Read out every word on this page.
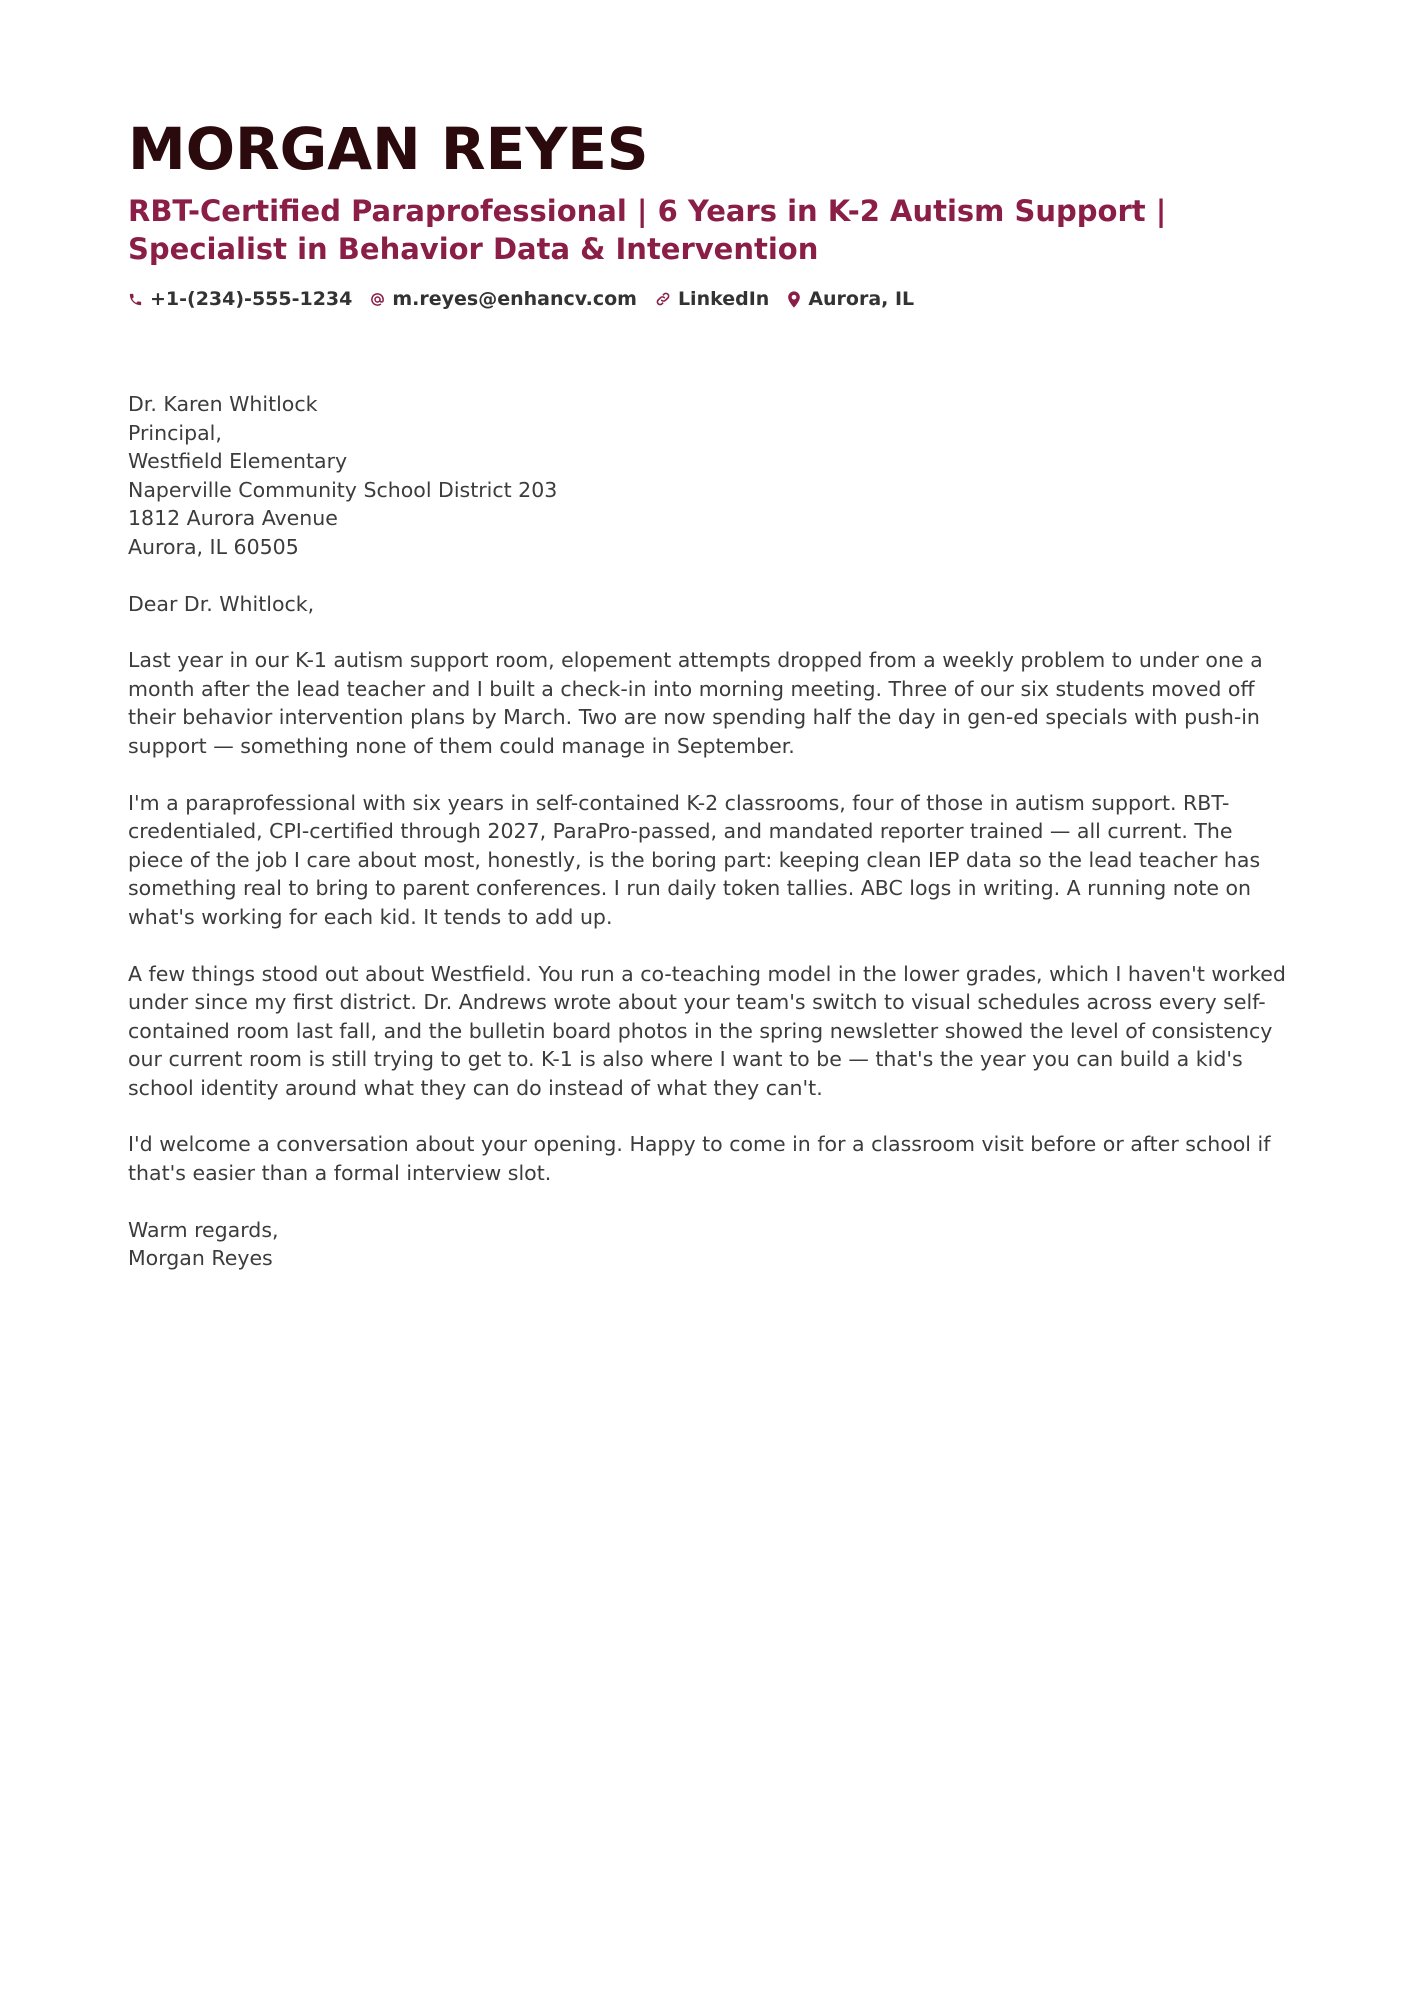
MORGAN REYES
RBT-Certified Paraprofessional | 6 Years in K-2 Autism Support | Specialist in Behavior Data & Intervention
+1-(234)-555-1234 m.reyes@enhancv.com LinkedIn Aurora, IL
Dr. Karen Whitlock
Principal,
Westfield Elementary
Naperville Community School District 203
1812 Aurora Avenue
Aurora, IL 60505

Dear Dr. Whitlock,

Last year in our K-1 autism support room, elopement attempts dropped from a weekly problem to under one a month after the lead teacher and I built a check-in into morning meeting. Three of our six students moved off their behavior intervention plans by March. Two are now spending half the day in gen-ed specials with push-in support — something none of them could manage in September.

I'm a paraprofessional with six years in self-contained K-2 classrooms, four of those in autism support. RBT-credentialed, CPI-certified through 2027, ParaPro-passed, and mandated reporter trained — all current. The piece of the job I care about most, honestly, is the boring part: keeping clean IEP data so the lead teacher has something real to bring to parent conferences. I run daily token tallies. ABC logs in writing. A running note on what's working for each kid. It tends to add up.

A few things stood out about Westfield. You run a co-teaching model in the lower grades, which I haven't worked under since my first district. Dr. Andrews wrote about your team's switch to visual schedules across every self-contained room last fall, and the bulletin board photos in the spring newsletter showed the level of consistency our current room is still trying to get to. K-1 is also where I want to be — that's the year you can build a kid's school identity around what they can do instead of what they can't.

I'd welcome a conversation about your opening. Happy to come in for a classroom visit before or after school if that's easier than a formal interview slot.

Warm regards,
Morgan Reyes
